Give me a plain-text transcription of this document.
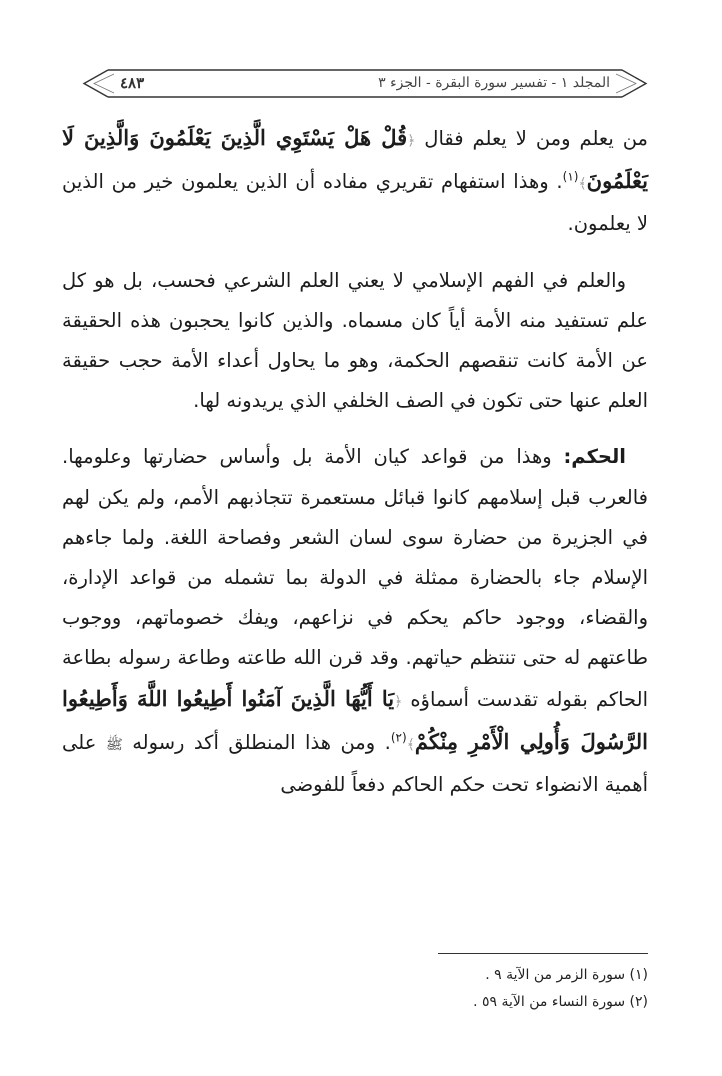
المجلد ١ - تفسير سورة البقرة - الجزء ٣
٤٨٣

من يعلم ومن لا يعلم فقال ﴿قُلْ هَلْ يَسْتَوِي الَّذِينَ يَعْلَمُونَ وَالَّذِينَ لَا يَعْلَمُونَ﴾$^{(١)}$. وهذا استفهام تقريري مفاده أن الذين يعلمون خير من الذين لا يعلمون.

والعلم في الفهم الإسلامي لا يعني العلم الشرعي فحسب، بل هو كل علم تستفيد منه الأمة أياً كان مسماه. والذين كانوا يحجبون هذه الحقيقة عن الأمة كانت تنقصهم الحكمة، وهو ما يحاول أعداء الأمة حجب حقيقة العلم عنها حتى تكون في الصف الخلفي الذي يريدونه لها.

الحكم: وهذا من قواعد كيان الأمة بل وأساس حضارتها وعلومها. فالعرب قبل إسلامهم كانوا قبائل مستعمرة تتجاذبهم الأمم، ولم يكن لهم في الجزيرة من حضارة سوى لسان الشعر وفصاحة اللغة. ولما جاءهم الإسلام جاء بالحضارة ممثلة في الدولة بما تشمله من قواعد الإدارة، والقضاء، ووجود حاكم يحكم في نزاعهم، ويفك خصوماتهم، ووجوب طاعتهم له حتى تنتظم حياتهم. وقد قرن الله طاعته وطاعة رسوله بطاعة الحاكم بقوله تقدست أسماؤه ﴿يَا أَيُّهَا الَّذِينَ آمَنُوا أَطِيعُوا اللَّهَ وَأَطِيعُوا الرَّسُولَ وَأُولِي الْأَمْرِ مِنْكُمْ﴾$^{(٢)}$. ومن هذا المنطلق أكد رسوله ﷺ على أهمية الانضواء تحت حكم الحاكم دفعاً للفوضى

(١) سورة الزمر من الآية ٩ .
(٢) سورة النساء من الآية ٥٩ .
